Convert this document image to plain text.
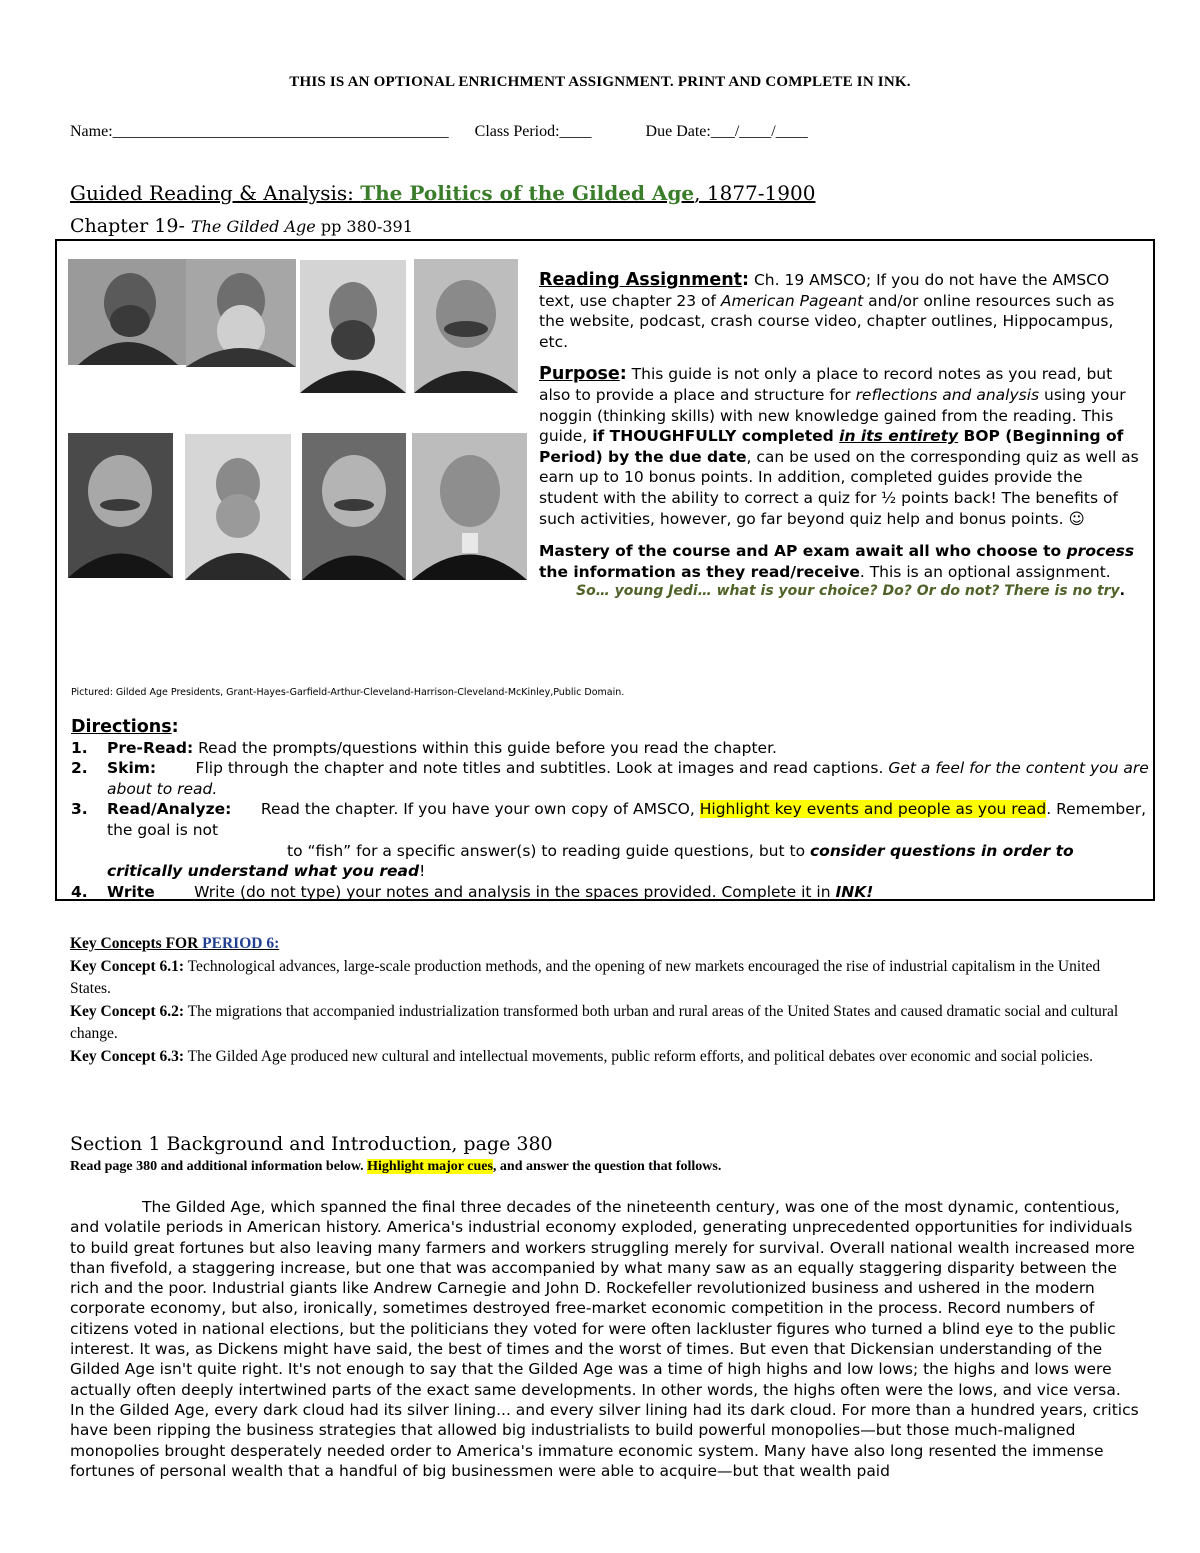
THIS IS AN OPTIONAL ENRICHMENT ASSIGNMENT. PRINT AND COMPLETE IN INK.
Name:__________________________________________ Class Period:____	Due Date:___/____/____
Guided Reading & Analysis: The Politics of the Gilded Age, 1877-1900
Chapter 19- The Gilded Age pp 380-391

Reading Assignment: Ch. 19 AMSCO; If you do not have the AMSCO text, use chapter 23 of American Pageant and/or online resources such as the website, podcast, crash course video, chapter outlines, Hippocampus, etc.

Purpose: This guide is not only a place to record notes as you read, but also to provide a place and structure for reflections and analysis using your noggin (thinking skills) with new knowledge gained from the reading. This guide, if THOUGHFULLY completed in its entirety BOP (Beginning of Period) by the due date, can be used on the corresponding quiz as well as earn up to 10 bonus points. In addition, completed guides provide the student with the ability to correct a quiz for ½ points back! The benefits of such activities, however, go far beyond quiz help and bonus points. ☺

Mastery of the course and AP exam await all who choose to process the information as they read/receive. This is an optional assignment.

So… young Jedi… what is your choice? Do? Or do not? There is no try.

Pictured: Gilded Age Presidents, Grant-Hayes-Garfield-Arthur-Cleveland-Harrison-Cleveland-McKinley,Public Domain.
Directions:
1. Pre-Read: Read the prompts/questions within this guide before you read the chapter.
2. Skim:        Flip through the chapter and note titles and subtitles. Look at images and read captions. Get a feel for the content you are about to read.
3. Read/Analyze:      Read the chapter. If you have your own copy of AMSCO, Highlight key events and people as you read. Remember, the goal is not
to “fish” for a specific answer(s) to reading guide questions, but to consider questions in order to critically understand what you read!
4. Write        Write (do not type) your notes and analysis in the spaces provided. Complete it in INK!

Key Concepts FOR PERIOD 6:

Key Concept 6.1: Technological advances, large-scale production methods, and the opening of new markets encouraged the rise of industrial capitalism in the United States.

Key Concept 6.2: The migrations that accompanied industrialization transformed both urban and rural areas of the United States and caused dramatic social and cultural change.

Key Concept 6.3: The Gilded Age produced new cultural and intellectual movements, public reform efforts, and political debates over economic and social policies.

Section 1 Background and Introduction, page 380
Read page 380 and additional information below. Highlight major cues, and answer the question that follows.

The Gilded Age, which spanned the final three decades of the nineteenth century, was one of the most dynamic, contentious, and volatile periods in American history. America's industrial economy exploded, generating unprecedented opportunities for individuals to build great fortunes but also leaving many farmers and workers struggling merely for survival. Overall national wealth increased more than fivefold, a staggering increase, but one that was accompanied by what many saw as an equally staggering disparity between the rich and the poor. Industrial giants like Andrew Carnegie and John D. Rockefeller revolutionized business and ushered in the modern corporate economy, but also, ironically, sometimes destroyed free-market economic competition in the process. Record numbers of citizens voted in national elections, but the politicians they voted for were often lackluster figures who turned a blind eye to the public interest. It was, as Dickens might have said, the best of times and the worst of times. But even that Dickensian understanding of the Gilded Age isn't quite right. It's not enough to say that the Gilded Age was a time of high highs and low lows; the highs and lows were actually often deeply intertwined parts of the exact same developments. In other words, the highs often were the lows, and vice versa. In the Gilded Age, every dark cloud had its silver lining... and every silver lining had its dark cloud. For more than a hundred years, critics have been ripping the business strategies that allowed big industrialists to build powerful monopolies—but those much-maligned monopolies brought desperately needed order to America's immature economic system. Many have also long resented the immense fortunes of personal wealth that a handful of big businessmen were able to acquire—but that wealth paid
